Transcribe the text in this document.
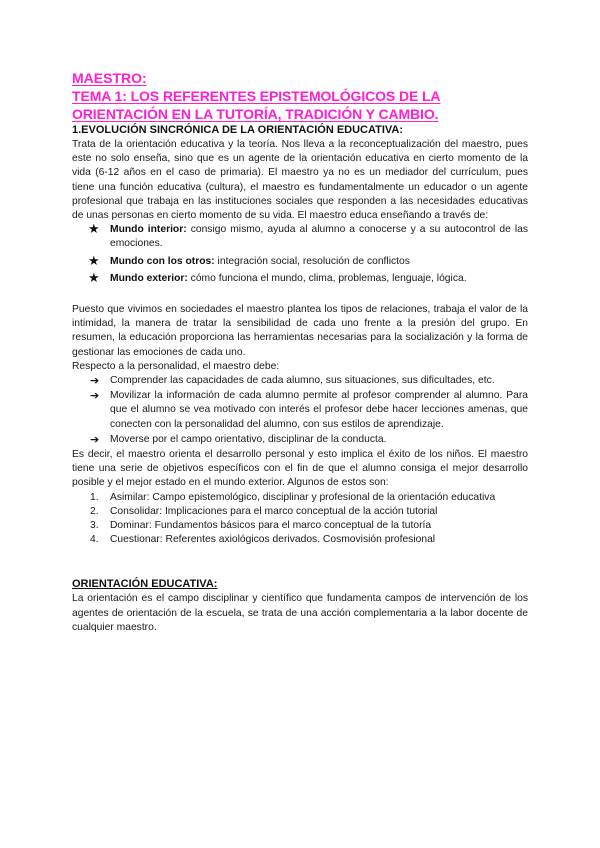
MAESTRO:
TEMA 1: LOS REFERENTES EPISTEMOLÓGICOS DE LA ORIENTACIÓN EN LA TUTORÍA, TRADICIÓN Y CAMBIO.
1.EVOLUCIÓN SINCRÓNICA DE LA ORIENTACIÓN EDUCATIVA:

Trata de la orientación educativa y la teoría. Nos lleva a la reconceptualización del maestro, pues este no solo enseña, sino que es un agente de la orientación educativa en cierto momento de la vida (6-12 años en el caso de primaria). El maestro ya no es un mediador del currículum, pues tiene una función educativa (cultura), el maestro es fundamentalmente un educador o un agente profesional que trabaja en las instituciones sociales que responden a las necesidades educativas de unas personas en cierto momento de su vida. El maestro educa enseñando a través de:

★ Mundo interior: consigo mismo, ayuda al alumno a conocerse y a su autocontrol de las emociones.
★ Mundo con los otros: integración social, resolución de conflictos
★ Mundo exterior: cómo funciona el mundo, clima, problemas, lenguaje, lógica.

Puesto que vivimos en sociedades el maestro plantea los tipos de relaciones, trabaja el valor de la intimidad, la manera de tratar la sensibilidad de cada uno frente a la presión del grupo. En resumen, la educación proporciona las herramientas necesarias para la socialización y la forma de gestionar las emociones de cada uno.

Respecto a la personalidad, el maestro debe:

➔ Comprender las capacidades de cada alumno, sus situaciones, sus dificultades, etc.
➔ Movilizar la información de cada alumno permite al profesor comprender al alumno. Para que el alumno se vea motivado con interés el profesor debe hacer lecciones amenas, que conecten con la personalidad del alumno, con sus estilos de aprendizaje.
➔ Moverse por el campo orientativo, disciplinar de la conducta.

Es decir, el maestro orienta el desarrollo personal y esto implica el éxito de los niños. El maestro tiene una serie de objetivos específicos con el fin de que el alumno consiga el mejor desarrollo posible y el mejor estado en el mundo exterior. Algunos de estos son:

1. Asimilar: Campo epistemológico, disciplinar y profesional de la orientación educativa
2. Consolidar: Implicaciones para el marco conceptual de la acción tutorial
3. Dominar: Fundamentos básicos para el marco conceptual de la tutoría
4. Cuestionar: Referentes axiológicos derivados. Cosmovisión profesional
ORIENTACIÓN EDUCATIVA:

La orientación es el campo disciplinar y científico que fundamenta campos de intervención de los agentes de orientación de la escuela, se trata de una acción complementaria a la labor docente de cualquier maestro.
